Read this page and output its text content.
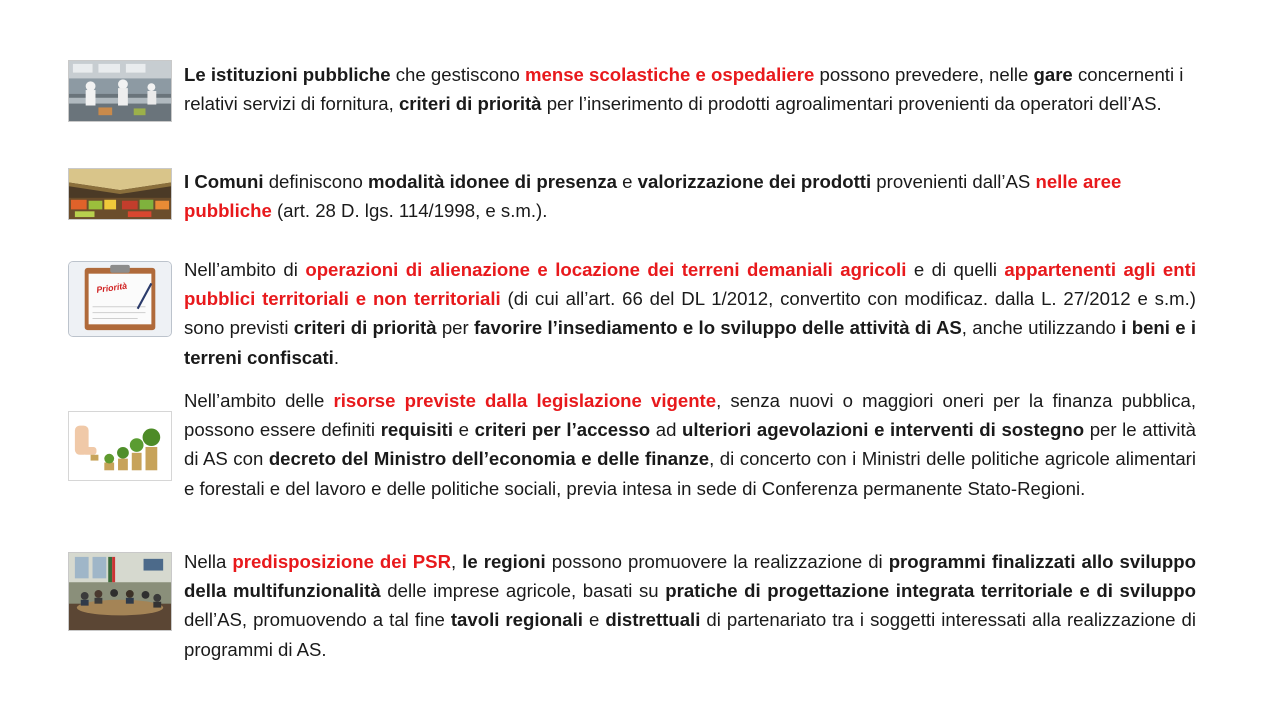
Le istituzioni pubbliche che gestiscono mense scolastiche e ospedaliere possono prevedere, nelle gare concernenti i relativi servizi di fornitura, criteri di priorità per l’inserimento di prodotti agroalimentari provenienti da operatori dell’AS.
I Comuni definiscono modalità idonee di presenza e valorizzazione dei prodotti provenienti dall’AS nelle aree pubbliche (art. 28 D. lgs. 114/1998, e s.m.).
Priorità
Nell’ambito di operazioni di alienazione e locazione dei terreni demaniali agricoli e di quelli appartenenti agli enti pubblici territoriali e non territoriali (di cui all’art. 66 del DL 1/2012, convertito con modificaz. dalla L. 27/2012 e s.m.) sono previsti criteri di priorità per favorire l’insediamento e lo sviluppo delle attività di AS, anche utilizzando i beni e i terreni confiscati.
Nell’ambito delle risorse previste dalla legislazione vigente, senza nuovi o maggiori oneri per la finanza pubblica, possono essere definiti requisiti e criteri per l’accesso ad ulteriori agevolazioni e interventi di sostegno per le attività di AS con decreto del Ministro dell’economia e delle finanze, di concerto con i Ministri delle politiche agricole alimentari e forestali e del lavoro e delle politiche sociali, previa intesa in sede di Conferenza permanente Stato-Regioni.
Nella predisposizione dei PSR, le regioni possono promuovere la realizzazione di programmi finalizzati allo sviluppo della multifunzionalità delle imprese agricole, basati su pratiche di progettazione integrata territoriale e di sviluppo dell’AS, promuovendo a tal fine tavoli regionali e distrettuali di partenariato tra i soggetti interessati alla realizzazione di programmi di AS.
